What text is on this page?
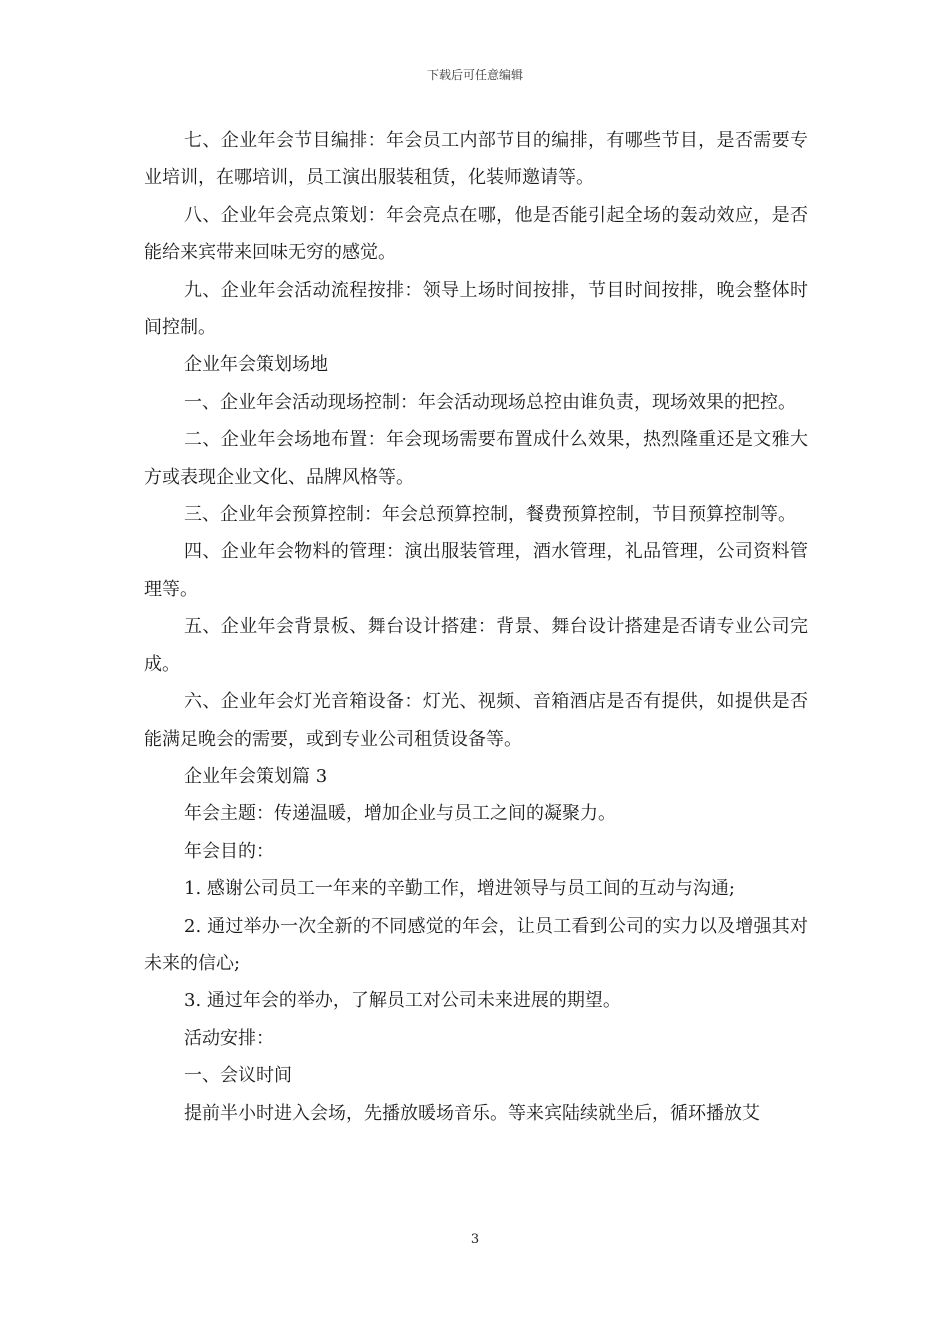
下载后可任意编辑

七、企业年会节目编排：年会员工内部节目的编排，有哪些节目，是否需要专业培训，在哪培训，员工演出服装租赁，化装师邀请等。

八、企业年会亮点策划：年会亮点在哪，他是否能引起全场的轰动效应，是否能给来宾带来回味无穷的感觉。

九、企业年会活动流程按排：领导上场时间按排，节目时间按排，晚会整体时间控制。

企业年会策划场地

一、企业年会活动现场控制：年会活动现场总控由谁负责，现场效果的把控。

二、企业年会场地布置：年会现场需要布置成什么效果，热烈隆重还是文雅大方或表现企业文化、品牌风格等。

三、企业年会预算控制：年会总预算控制，餐费预算控制，节目预算控制等。

四、企业年会物料的管理：演出服装管理，酒水管理，礼品管理，公司资料管理等。

五、企业年会背景板、舞台设计搭建：背景、舞台设计搭建是否请专业公司完成。

六、企业年会灯光音箱设备：灯光、视频、音箱酒店是否有提供，如提供是否能满足晚会的需要，或到专业公司租赁设备等。

企业年会策划篇 3

年会主题：传递温暖，增加企业与员工之间的凝聚力。

年会目的：

1. 感谢公司员工一年来的辛勤工作，增进领导与员工间的互动与沟通;

2. 通过举办一次全新的不同感觉的年会，让员工看到公司的实力以及增强其对未来的信心;

3. 通过年会的举办，了解员工对公司未来进展的期望。

活动安排：

一、会议时间

提前半小时进入会场，先播放暖场音乐。等来宾陆续就坐后，循环播放艾

3
